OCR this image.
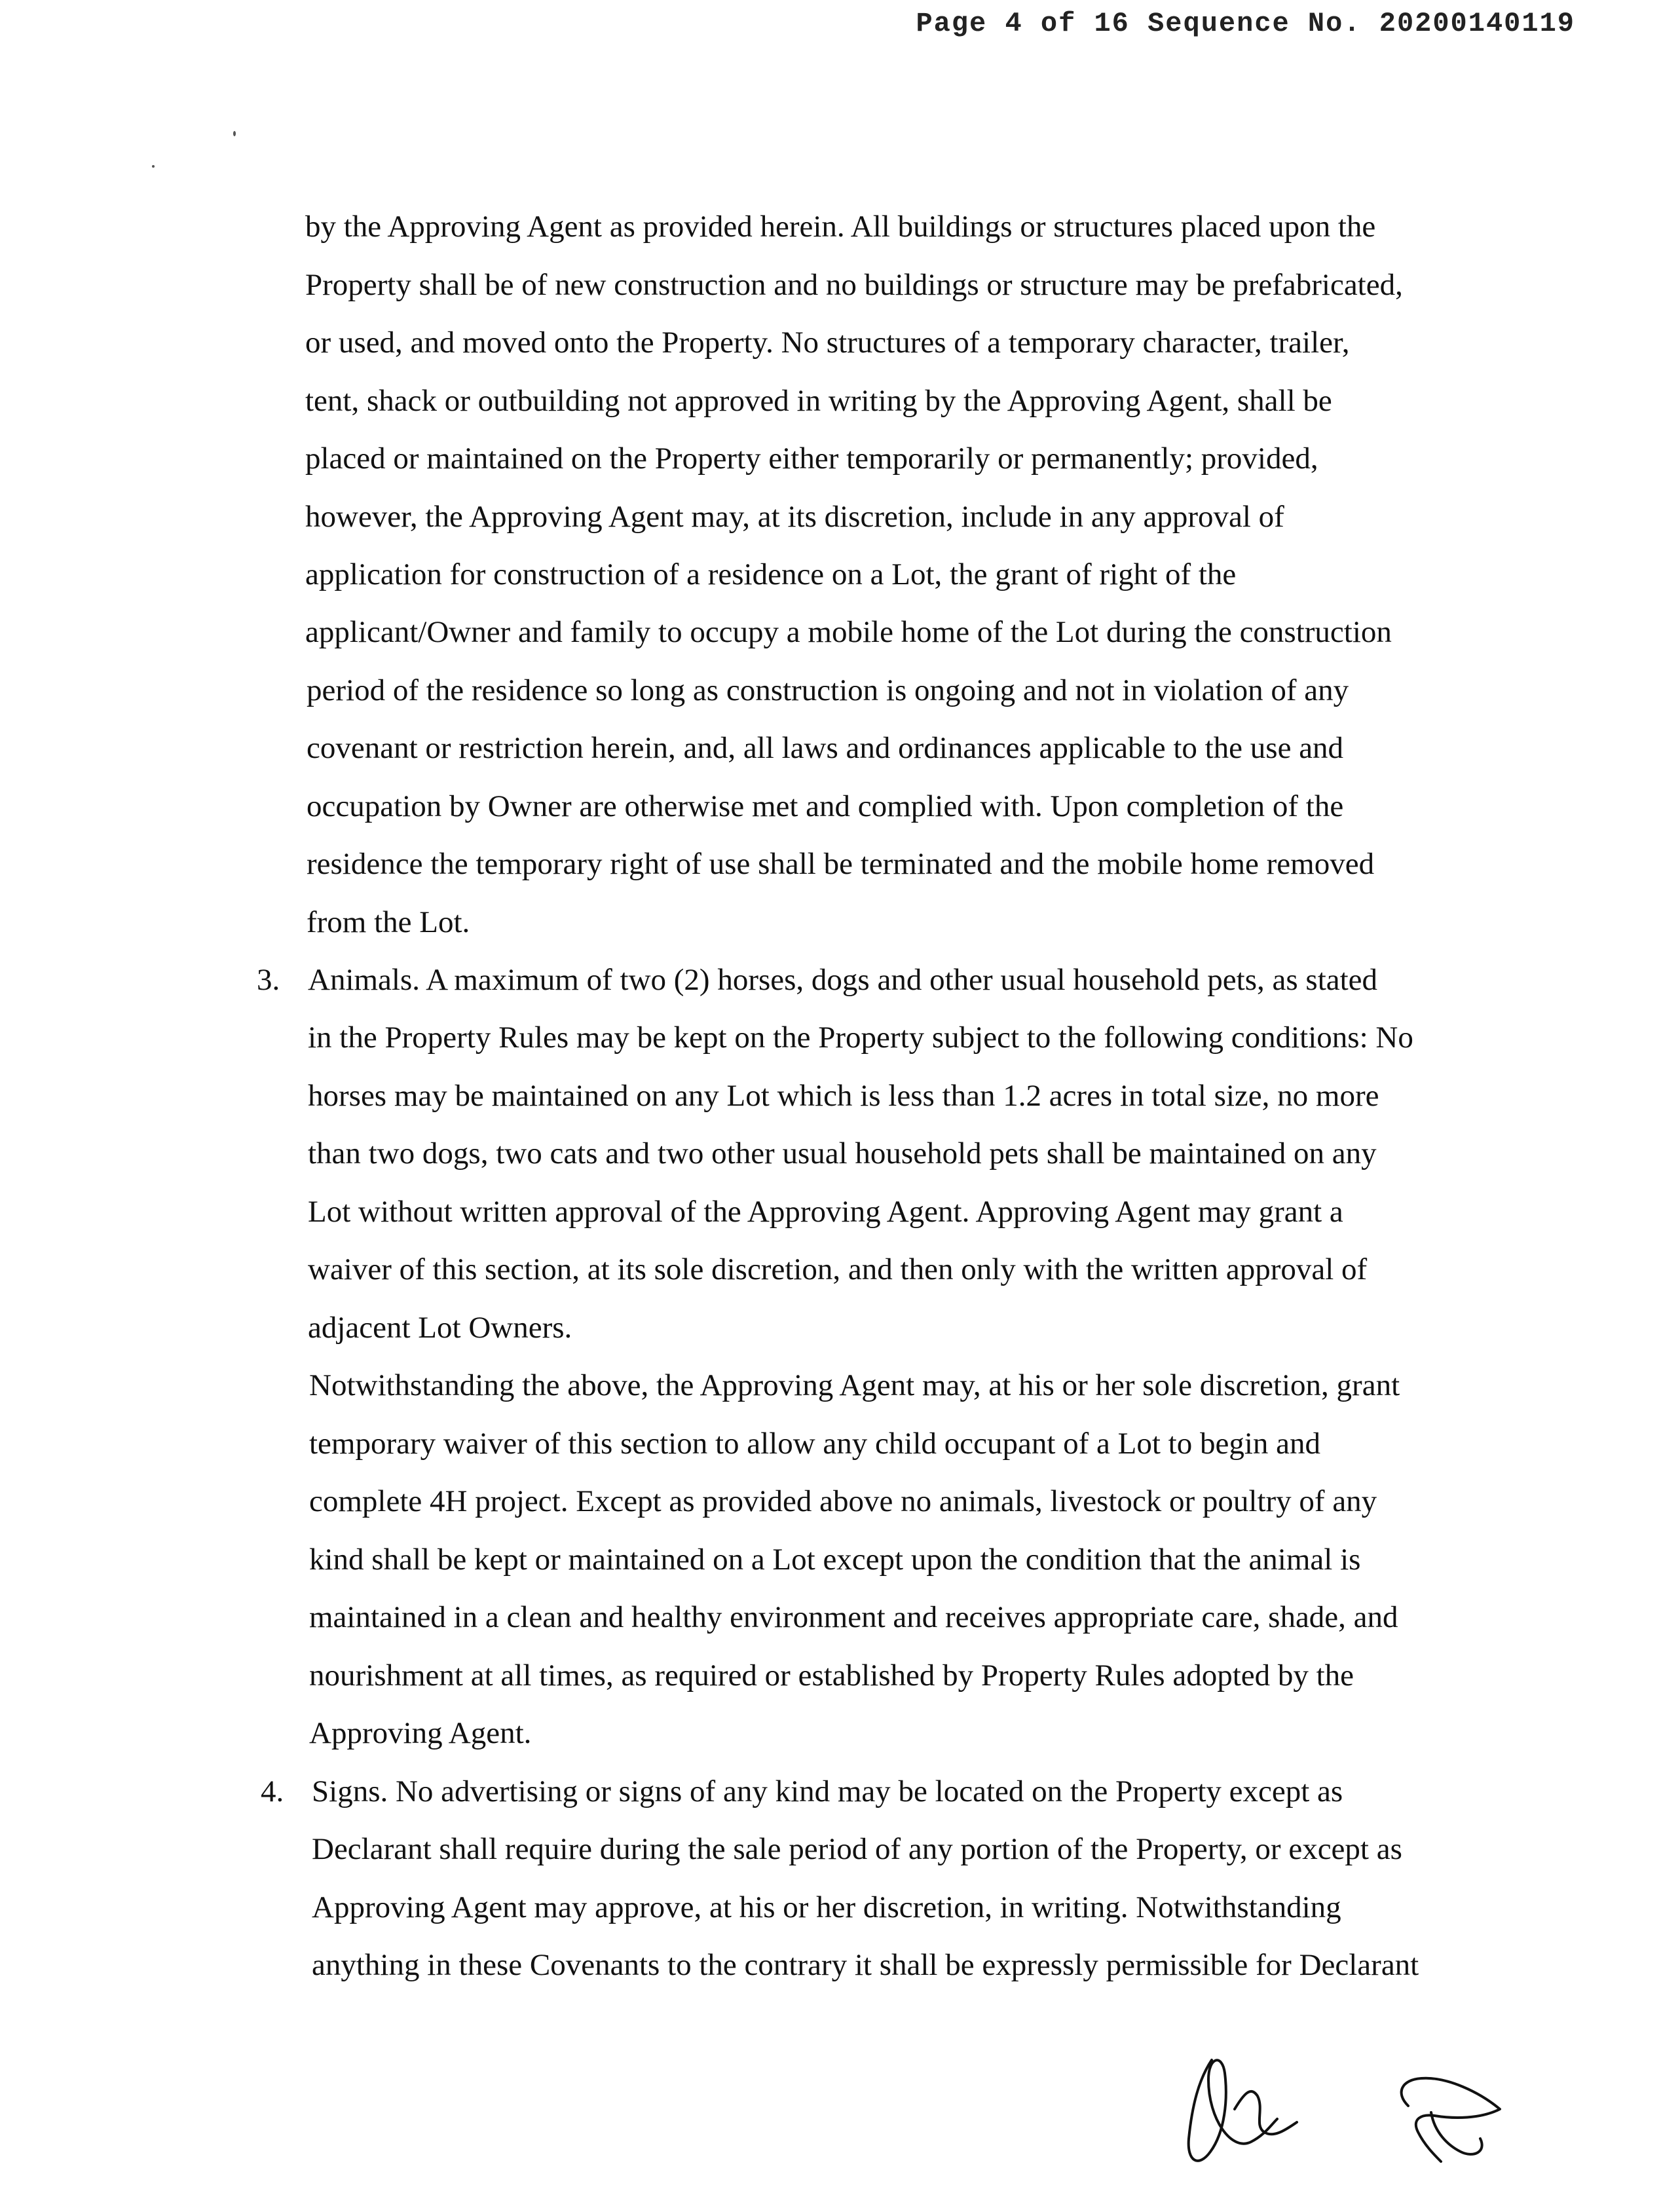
Page 4 of 16 Sequence No. 20200140119
by the Approving Agent as provided herein. All buildings or structures placed upon the
Property shall be of new construction and no buildings or structure may be prefabricated,
or used, and moved onto the Property. No structures of a temporary character, trailer,
tent, shack or outbuilding not approved in writing by the Approving Agent, shall be
placed or maintained on the Property either temporarily or permanently; provided,
however, the Approving Agent may, at its discretion, include in any approval of
application for construction of a residence on a Lot, the grant of right of the
applicant/Owner and family to occupy a mobile home of the Lot during the construction
period of the residence so long as construction is ongoing and not in violation of any
covenant or restriction herein, and, all laws and ordinances applicable to the use and
occupation by Owner are otherwise met and complied with. Upon completion of the
residence the temporary right of use shall be terminated and the mobile home removed
from the Lot.
3. Animals. A maximum of two (2) horses, dogs and other usual household pets, as stated
in the Property Rules may be kept on the Property subject to the following conditions: No
horses may be maintained on any Lot which is less than 1.2 acres in total size, no more
than two dogs, two cats and two other usual household pets shall be maintained on any
Lot without written approval of the Approving Agent. Approving Agent may grant a
waiver of this section, at its sole discretion, and then only with the written approval of
adjacent Lot Owners.
Notwithstanding the above, the Approving Agent may, at his or her sole discretion, grant
temporary waiver of this section to allow any child occupant of a Lot to begin and
complete 4H project. Except as provided above no animals, livestock or poultry of any
kind shall be kept or maintained on a Lot except upon the condition that the animal is
maintained in a clean and healthy environment and receives appropriate care, shade, and
nourishment at all times, as required or established by Property Rules adopted by the
Approving Agent.
4. Signs. No advertising or signs of any kind may be located on the Property except as
Declarant shall require during the sale period of any portion of the Property, or except as
Approving Agent may approve, at his or her discretion, in writing. Notwithstanding
anything in these Covenants to the contrary it shall be expressly permissible for Declarant
